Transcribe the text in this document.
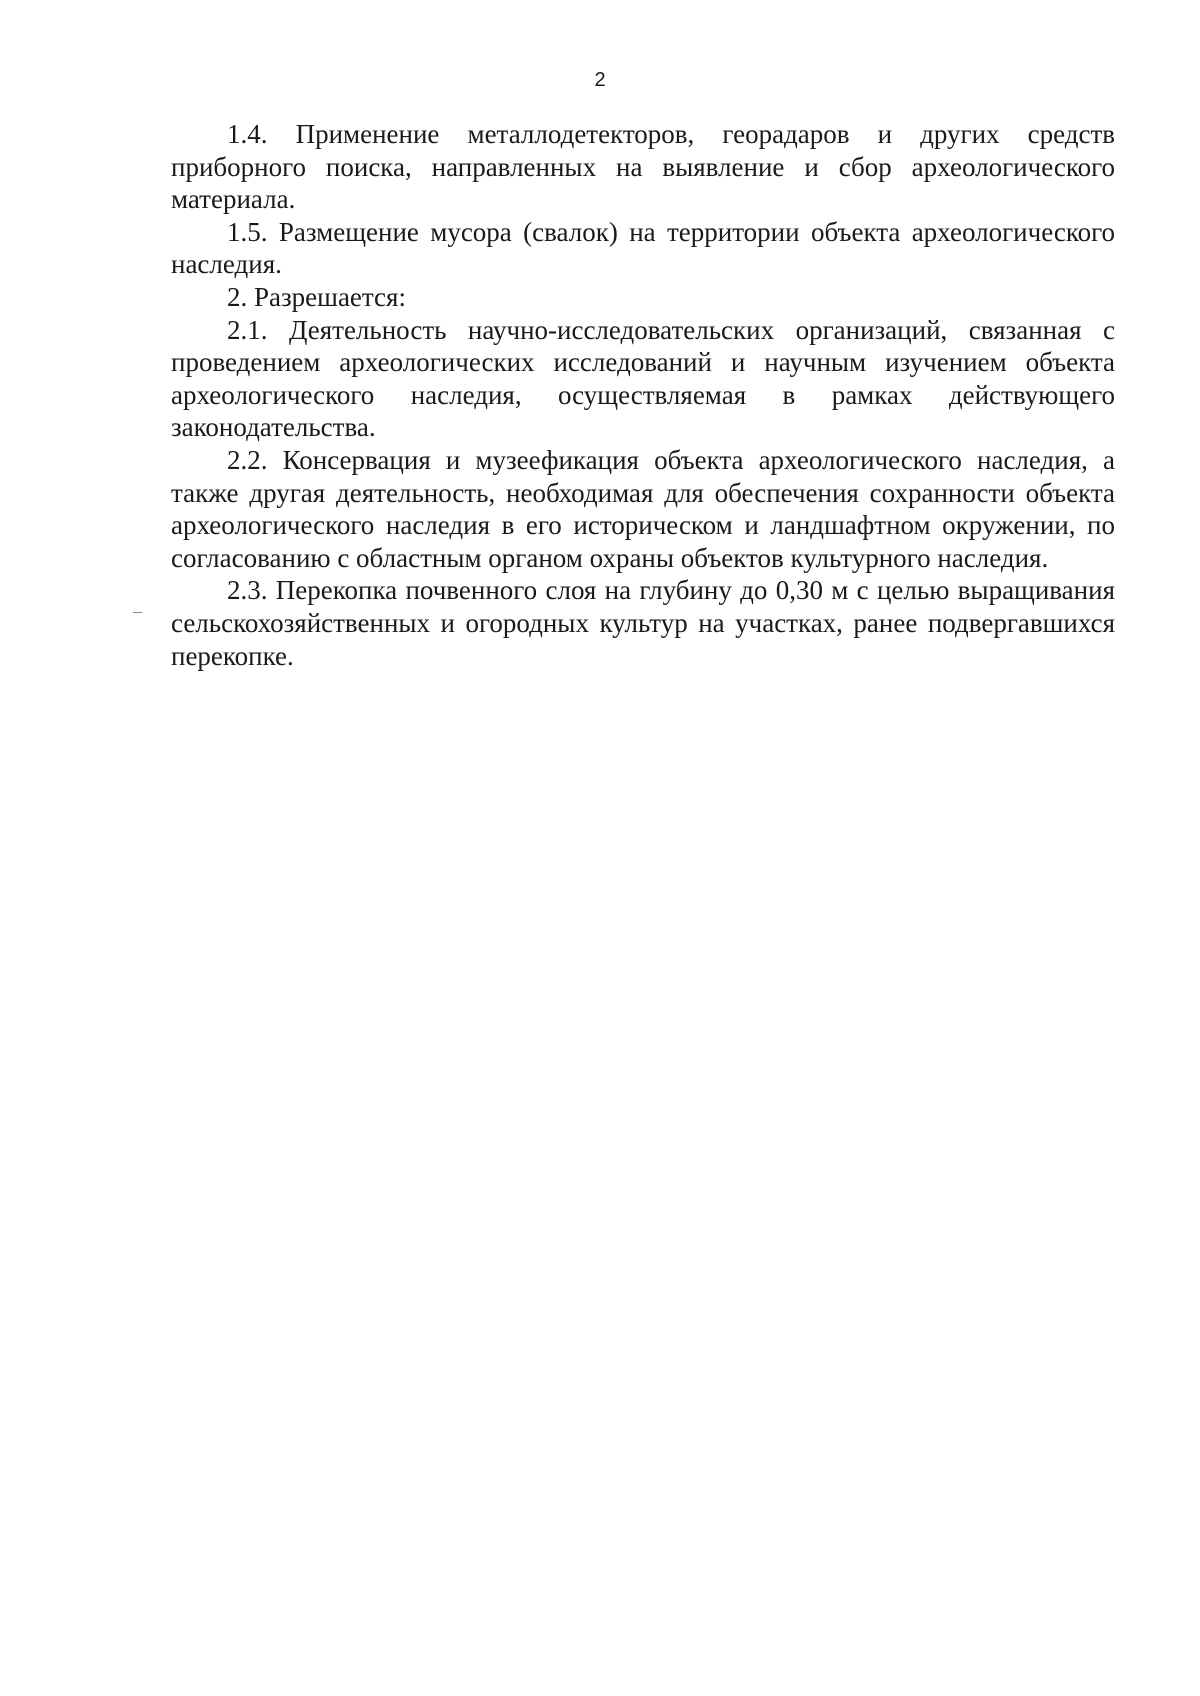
2

1.4. Применение металлодетекторов, георадаров и других средств приборного поиска, направленных на выявление и сбор археологического материала.

1.5. Размещение мусора (свалок) на территории объекта археологического наследия.

2. Разрешается:

2.1. Деятельность научно-исследовательских организаций, связанная с проведением археологических исследований и научным изучением объекта археологического наследия, осуществляемая в рамках действующего законодательства.

2.2. Консервация и музеефикация объекта археологического наследия, а также другая деятельность, необходимая для обеспечения сохранности объекта археологического наследия в его историческом и ландшафтном окружении, по согласованию с областным органом охраны объектов культурного наследия.

2.3. Перекопка почвенного слоя на глубину до 0,30 м с целью выращивания сельскохозяйственных и огородных культур на участках, ранее подвергавшихся перекопке.
